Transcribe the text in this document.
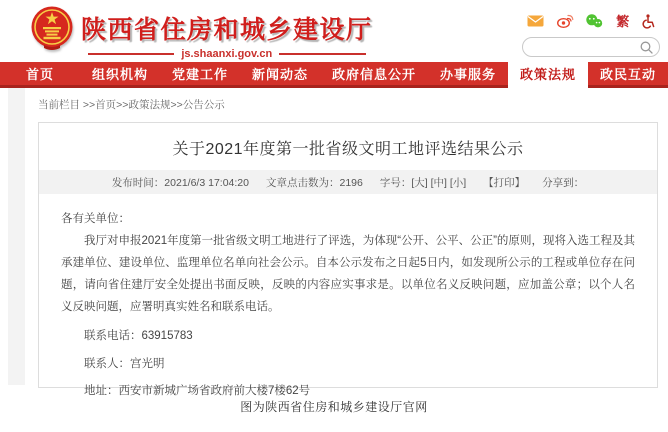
陕西省住房和城乡建设厅
js.shaanxi.gov.cn
繁
首页	组织机构	党建工作	新闻动态	政府信息公开	办事服务	政策法规	政民互动
当前栏目 >>首页>>政策法规>>公告公示
关于2021年度第一批省级文明工地评选结果公示
发布时间：2021/6/3 17:04:20 文章点击数为：2196 字号：[大] [中] [小] 【打印】 分享到：
各有关单位：
我厅对申报2021年度第一批省级文明工地进行了评选，为体现“公开、公平、公正”的原则，现将入选工程及其承建单位、建设单位、监理单位名单向社会公示。自本公示发布之日起5日内，如发现所公示的工程或单位存在问题，请向省住建厅安全处提出书面反映，反映的内容应实事求是。以单位名义反映问题，应加盖公章；以个人名义反映问题，应署明真实姓名和联系电话。
联系电话：63915783
联系人：宫光明
地址：西安市新城广场省政府前大楼7楼62号
图为陕西省住房和城乡建设厅官网
